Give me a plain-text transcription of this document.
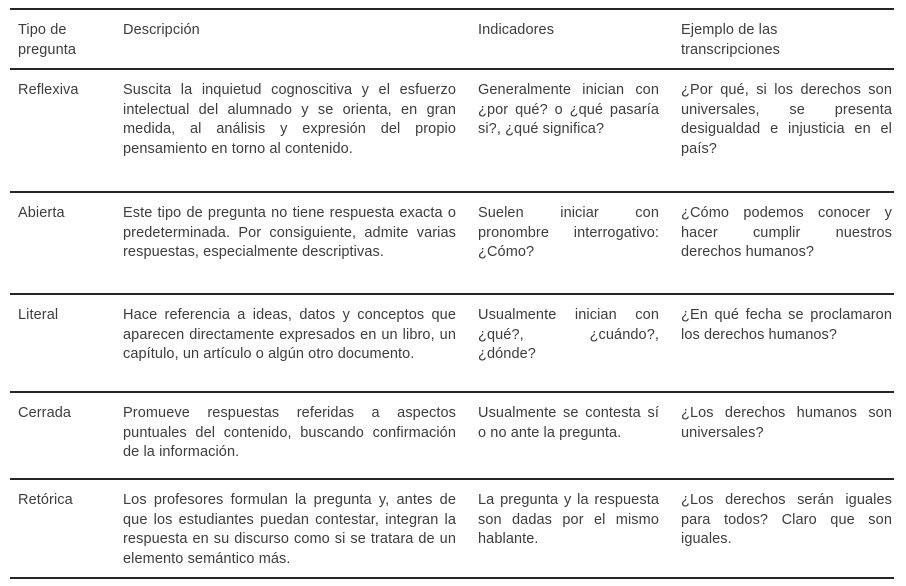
Tipo de pregunta	Descripción	Indicadores	Ejemplo de las transcripciones

Reflexiva	Suscita la inquietud cognoscitiva y el esfuerzo intelectual del alumnado y se orienta, en gran medida, al análisis y expresión del propio pensamiento en torno al contenido.	Generalmente inician con ¿por qué? o ¿qué pasaría si?, ¿qué significa?	¿Por qué, si los derechos son universales, se presenta desigualdad e injusticia en el país?
Abierta	Este tipo de pregunta no tiene respuesta exacta o predeterminada. Por consiguiente, admite varias respuestas, especialmente descriptivas.	Suelen iniciar con pronombre interrogativo: ¿Cómo?	¿Cómo podemos conocer y hacer cumplir nuestros derechos humanos?
Literal	Hace referencia a ideas, datos y conceptos que aparecen directamente expresados en un libro, un capítulo, un artículo o algún otro documento.	Usualmente inician con ¿qué?, ¿cuándo?, ¿dónde?	¿En qué fecha se proclamaron los derechos humanos?
Cerrada	Promueve respuestas referidas a aspectos puntuales del contenido, buscando confirmación de la información.	Usualmente se contesta sí o no ante la pregunta.	¿Los derechos humanos son universales?
Retórica	Los profesores formulan la pregunta y, antes de que los estudiantes puedan contestar, integran la respuesta en su discurso como si se tratara de un elemento semántico más.	La pregunta y la respuesta son dadas por el mismo hablante.	¿Los derechos serán iguales para todos? Claro que son iguales.
